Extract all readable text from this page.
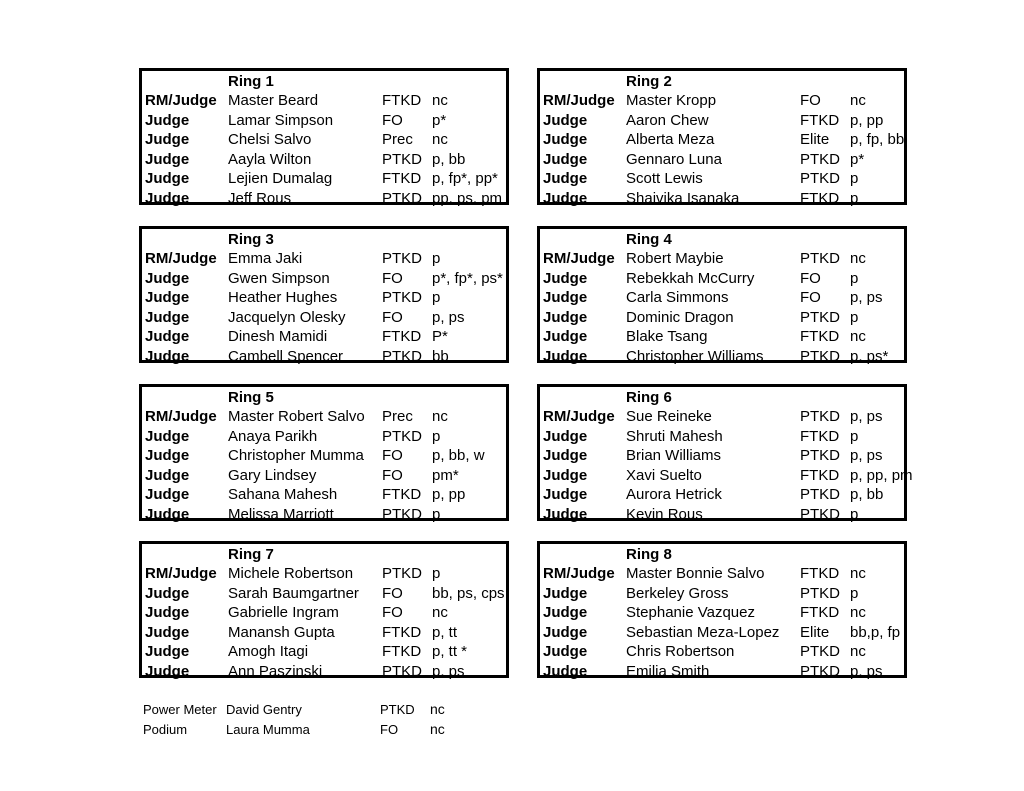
Ring 1
RM/Judge Master Beard	FTKD nc
Judge	Lamar Simpson	FO p*
Judge	Chelsi Salvo	Prec nc
Judge	Aayla Wilton	PTKD p, bb
Judge	Lejien Dumalag	FTKD p, fp*, pp*
Judge	Jeff Rous	PTKD pp, ps, pm
Ring 2
RM/Judge Master Kropp	FO nc
Judge	Aaron Chew	FTKD p, pp
Judge	Alberta Meza	Elite p, fp, bb
Judge	Gennaro Luna	PTKD p*
Judge	Scott Lewis	PTKD p
Judge	Shaivika Isanaka	FTKD p
Ring 3
RM/Judge Emma Jaki	PTKD p
Judge	Gwen Simpson	FO p*, fp*, ps*
Judge	Heather Hughes	PTKD p
Judge	Jacquelyn Olesky FO p, ps
Judge	Dinesh Mamidi	FTKD P*
Judge	Cambell Spencer	PTKD bb
Ring 4
RM/Judge Robert Maybie	PTKD nc
Judge	Rebekkah McCurry	FO p
Judge	Carla Simmons	FO p, ps
Judge	Dominic Dragon	PTKD p
Judge	Blake Tsang	FTKD nc
Judge	Christopher Williams PTKD p, ps*
Ring 5
RM/Judge Master Robert Salvo Prec nc
Judge	Anaya Parikh	PTKD p
Judge	Christopher Mumma FO p, bb, w
Judge	Gary Lindsey	FO pm*
Judge	Sahana Mahesh	FTKD p, pp
Judge	Melissa Marriott	PTKD p
Ring 6
RM/Judge Sue Reineke	PTKD p, ps
Judge	Shruti Mahesh	FTKD p
Judge	Brian Williams	PTKD p, ps
Judge	Xavi Suelto	FTKD p, pp, pm
Judge	Aurora Hetrick	PTKD p, bb
Judge	Kevin Rous	PTKD p
Ring 7
RM/Judge Michele Robertson PTKD p
Judge	Sarah Baumgartner FO bb, ps, cps
Judge	Gabrielle Ingram	FO nc
Judge	Manansh Gupta	FTKD p, tt
Judge	Amogh Itagi	FTKD p, tt *
Judge	Ann Paszinski	PTKD p, ps
Ring 8
RM/Judge Master Bonnie Salvo FTKD nc
Judge	Berkeley Gross	PTKD p
Judge	Stephanie Vazquez	FTKD nc
Judge	Sebastian Meza-Lopez Elite bb,p, fp
Judge	Chris Robertson	PTKD nc
Judge	Emilia Smith	PTKD p, ps
Power Meter David Gentry	PTKD nc
Podium	Laura Mumma	FO nc
